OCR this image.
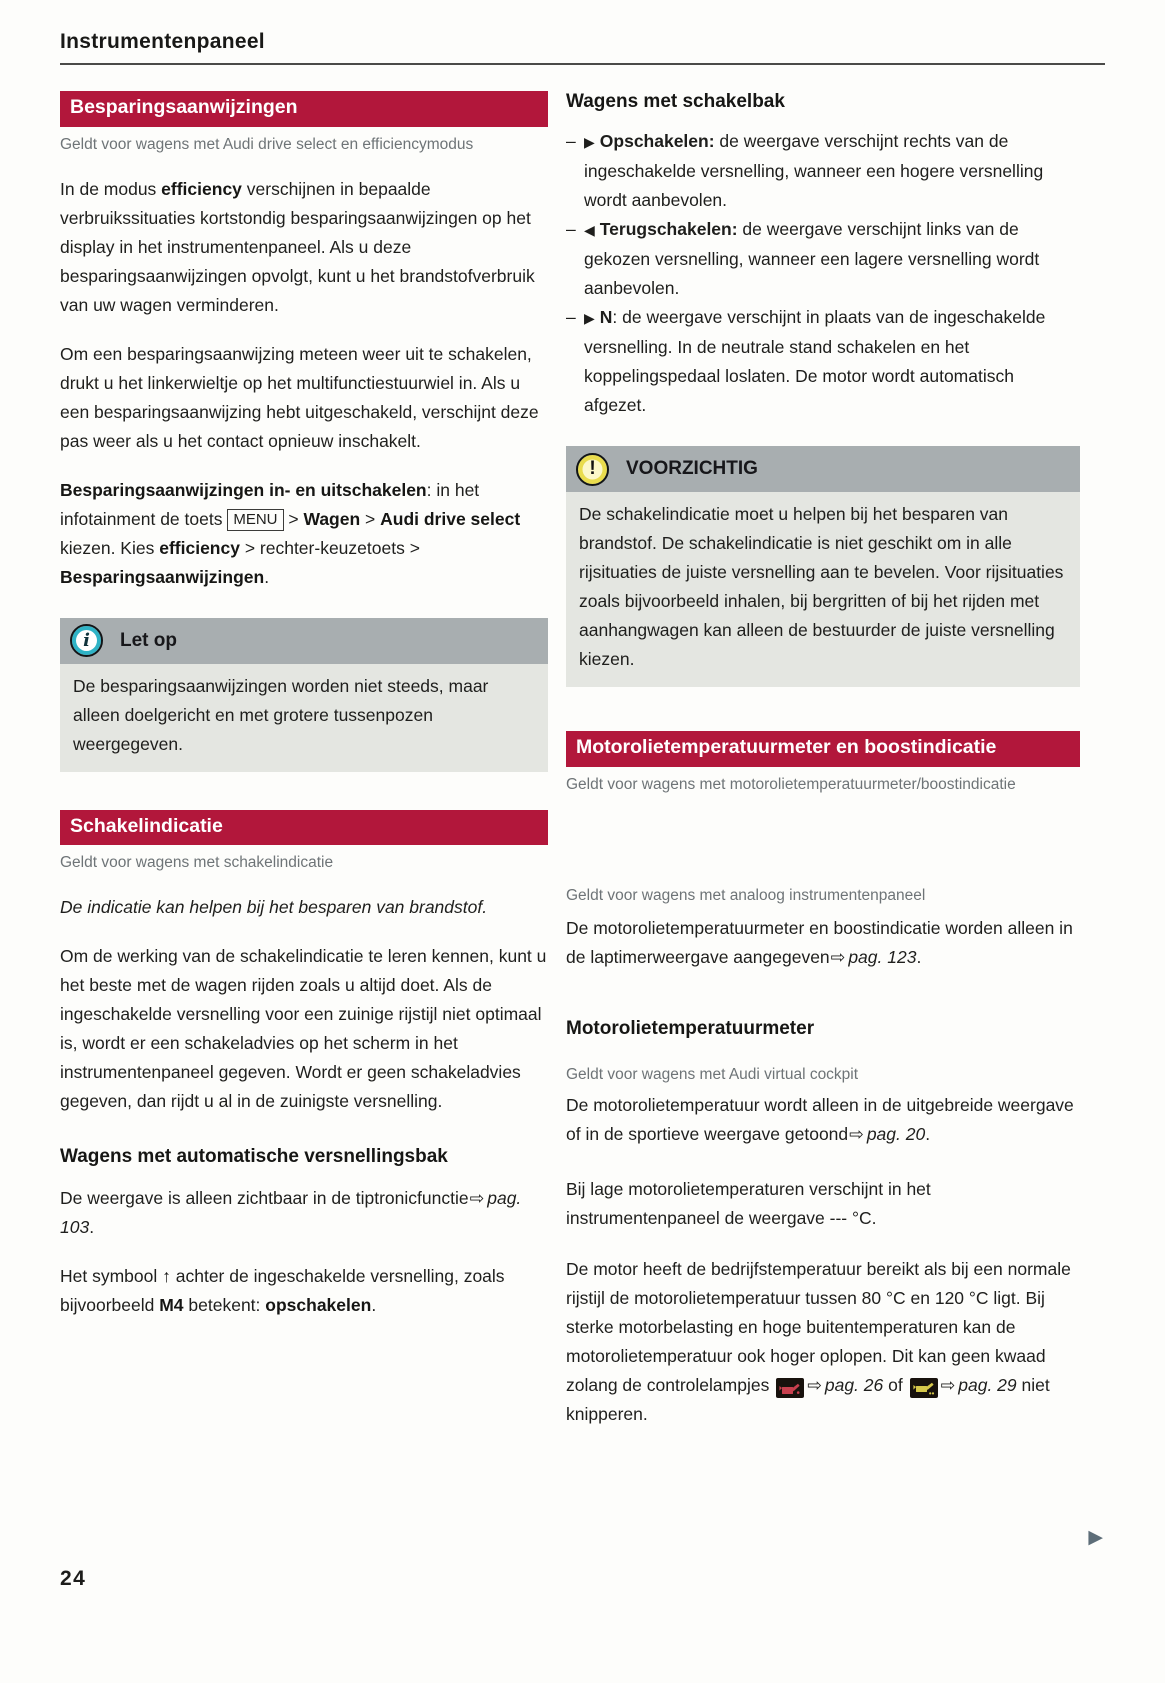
Instrumentenpaneel
Besparingsaanwijzingen
Geldt voor wagens met Audi drive select en efficiencymodus

In de modus efficiency verschijnen in bepaalde verbruikssituaties kortstondig besparingsaanwijzingen op het display in het instrumentenpaneel. Als u deze besparingsaanwijzingen opvolgt, kunt u het brandstofverbruik van uw wagen verminderen.

Om een besparingsaanwijzing meteen weer uit te schakelen, drukt u het linkerwieltje op het multifunctiestuurwiel in. Als u een besparingsaanwijzing hebt uitgeschakeld, verschijnt deze pas weer als u het contact opnieuw inschakelt.

Besparingsaanwijzingen in- en uitschakelen: in het infotainment de toets MENU > Wagen > Audi drive select kiezen. Kies efficiency > rechter-keuzetoets > Besparingsaanwijzingen.

i	Let op
De besparingsaanwijzingen worden niet steeds, maar alleen doelgericht en met grotere tussenpozen weergegeven.
Schakelindicatie
Geldt voor wagens met schakelindicatie

De indicatie kan helpen bij het besparen van brandstof.

Om de werking van de schakelindicatie te leren kennen, kunt u het beste met de wagen rijden zoals u altijd doet. Als de ingeschakelde versnelling voor een zuinige rijstijl niet optimaal is, wordt er een schakeladvies op het scherm in het instrumentenpaneel gegeven. Wordt er geen schakeladvies gegeven, dan rijdt u al in de zuinigste versnelling.

Wagens met automatische versnellingsbak

De weergave is alleen zichtbaar in de tiptronicfunctie⇨ pag. 103.

Het symbool ↑ achter de ingeschakelde versnelling, zoals bijvoorbeeld M4 betekent: opschakelen.

Wagens met schakelbak
– ▶ Opschakelen: de weergave verschijnt rechts van de ingeschakelde versnelling, wanneer een hogere versnelling wordt aanbevolen.
– ◀ Terugschakelen: de weergave verschijnt links van de gekozen versnelling, wanneer een lagere versnelling wordt aanbevolen.
– ▶ N: de weergave verschijnt in plaats van de ingeschakelde versnelling. In de neutrale stand schakelen en het koppelingspedaal loslaten. De motor wordt automatisch afgezet.
!	VOORZICHTIG
De schakelindicatie moet u helpen bij het besparen van brandstof. De schakelindicatie is niet geschikt om in alle rijsituaties de juiste versnelling aan te bevelen. Voor rijsituaties zoals bijvoorbeeld inhalen, bij bergritten of bij het rijden met aanhangwagen kan alleen de bestuurder de juiste versnelling kiezen.
Motorolietemperatuurmeter en boostindicatie
Geldt voor wagens met motorolietemperatuurmeter/boostindicatie
Geldt voor wagens met analoog instrumentenpaneel

De motorolietemperatuurmeter en boostindicatie worden alleen in de laptimerweergave aangegeven⇨ pag. 123.

Motorolietemperatuurmeter
Geldt voor wagens met Audi virtual cockpit

De motorolietemperatuur wordt alleen in de uitgebreide weergave of in de sportieve weergave getoond⇨ pag. 20.

Bij lage motorolietemperaturen verschijnt in het instrumentenpaneel de weergave --- °C.

De motor heeft de bedrijfstemperatuur bereikt als bij een normale rijstijl de motorolietemperatuur tussen 80 °C en 120 °C ligt. Bij sterke motorbelasting en hoge buitentemperaturen kan de motorolietemperatuur ook hoger oplopen. Dit kan geen kwaad zolang de controlelampjes
⇨ pag. 26 of
⇨ pag. 29 niet knipperen.

▶
24
